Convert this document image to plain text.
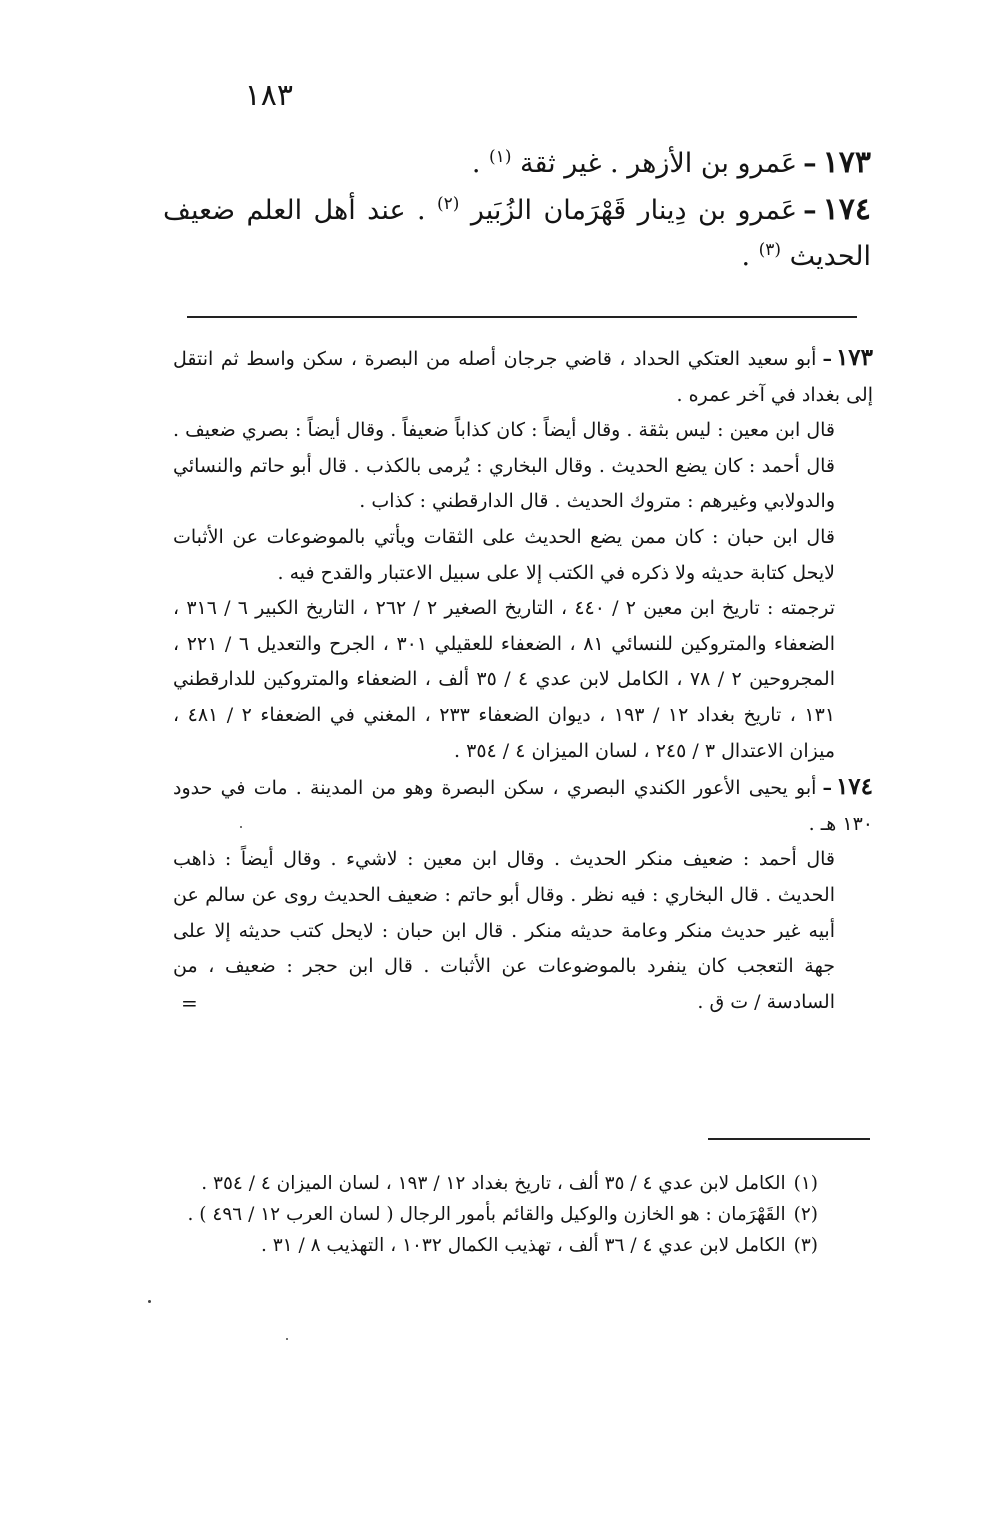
١٨٣

١٧٣–عَمرو بن الأزهر . غير ثقة $^{(١)}$ .

١٧٤–عَمرو بن دِينار قَهْرَمان الزُبَير $^{(٢)}$ . عند أهل العلم ضعيف الحديث $^{(٣)}$ .

١٧٣–أبو سعيد العتكي الحداد ، قاضي جرجان أصله من البصرة ، سكن واسط ثم انتقل إلى بغداد في آخر عمره .
قال ابن معين : ليس بثقة . وقال أيضاً : كان كذاباً ضعيفاً . وقال أيضاً : بصري ضعيف . قال أحمد : كان يضع الحديث . وقال البخاري : يُرمى بالكذب . قال أبو حاتم والنسائي والدولابي وغيرهم : متروك الحديث . قال الدارقطني : كذاب .
قال ابن حبان : كان ممن يضع الحديث على الثقات ويأتي بالموضوعات عن الأثبات لايحل كتابة حديثه ولا ذكره في الكتب إلا على سبيل الاعتبار والقدح فيه .
ترجمته : تاريخ ابن معين ٢ / ٤٤٠ ، التاريخ الصغير ٢ / ٢٦٢ ، التاريخ الكبير ٦ / ٣١٦ ، الضعفاء والمتروكين للنسائي ٨١ ، الضعفاء للعقيلي ٣٠١ ، الجرح والتعديل ٦ / ٢٢١ ، المجروحين ٢ / ٧٨ ، الكامل لابن عدي ٤ / ٣٥ ألف ، الضعفاء والمتروكين للدارقطني ١٣١ ، تاريخ بغداد ١٢ / ١٩٣ ، ديوان الضعفاء ٢٣٣ ، المغني في الضعفاء ٢ / ٤٨١ ، ميزان الاعتدال ٣ / ٢٤٥ ، لسان الميزان ٤ / ٣٥٤ .
١٧٤–أبو يحيى الأعور الكندي البصري ، سكن البصرة وهو من المدينة . مات في حدود ١٣٠ هـ .
قال أحمد : ضعيف منكر الحديث . وقال ابن معين : لاشيء . وقال أيضاً : ذاهب الحديث . قال البخاري : فيه نظر . وقال أبو حاتم : ضعيف الحديث روى عن سالم عن أبيه غير حديث منكر وعامة حديثه منكر . قال ابن حبان : لايحل كتب حديثه إلا على جهة التعجب كان ينفرد بالموضوعات عن الأثبات . قال ابن حجر : ضعيف ، من السادسة / ت ق .
=
(١)الكامل لابن عدي ٤ / ٣٥ ألف ، تاريخ بغداد ١٢ / ١٩٣ ، لسان الميزان ٤ / ٣٥٤ .
(٢)القَهْرَمان : هو الخازن والوكيل والقائم بأمور الرجال ( لسان العرب ١٢ / ٤٩٦ ) .
(٣)الكامل لابن عدي ٤ / ٣٦ ألف ، تهذيب الكمال ١٠٣٢ ، التهذيب ٨ / ٣١ .
